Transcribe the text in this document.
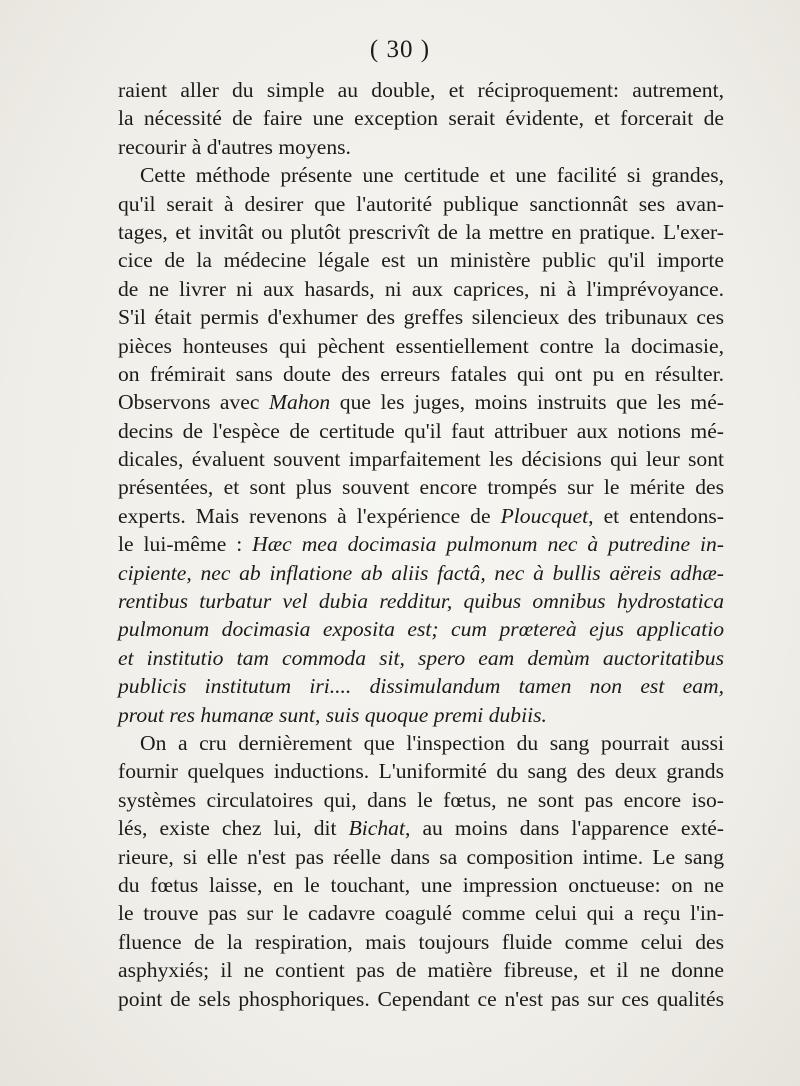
( 30 )
raient aller du simple au double, et réciproquement: autrement,
la nécessité de faire une exception serait évidente, et forcerait de
recourir à d'autres moyens.
Cette méthode présente une certitude et une facilité si grandes,
qu'il serait à desirer que l'autorité publique sanctionnât ses avan-
tages, et invitât ou plutôt prescrivît de la mettre en pratique. L'exer-
cice de la médecine légale est un ministère public qu'il importe
de ne livrer ni aux hasards, ni aux caprices, ni à l'imprévoyance.
S'il était permis d'exhumer des greffes silencieux des tribunaux ces
pièces honteuses qui pèchent essentiellement contre la docimasie,
on frémirait sans doute des erreurs fatales qui ont pu en résulter.
Observons avec Mahon que les juges, moins instruits que les mé-
decins de l'espèce de certitude qu'il faut attribuer aux notions mé-
dicales, évaluent souvent imparfaitement les décisions qui leur sont
présentées, et sont plus souvent encore trompés sur le mérite des
experts. Mais revenons à l'expérience de Ploucquet, et entendons-
le lui-même : Hæc mea docimasia pulmonum nec à putredine in-
cipiente, nec ab inflatione ab aliis factâ, nec à bullis aëreis adhæ-
rentibus turbatur vel dubia redditur, quibus omnibus hydrostatica
pulmonum docimasia exposita est; cum prœtereà ejus applicatio
et institutio tam commoda sit, spero eam demùm auctoritatibus
publicis institutum iri.... dissimulandum tamen non est eam,
prout res humanæ sunt, suis quoque premi dubiis.
On a cru dernièrement que l'inspection du sang pourrait aussi
fournir quelques inductions. L'uniformité du sang des deux grands
systèmes circulatoires qui, dans le fœtus, ne sont pas encore iso-
lés, existe chez lui, dit Bichat, au moins dans l'apparence exté-
rieure, si elle n'est pas réelle dans sa composition intime. Le sang
du fœtus laisse, en le touchant, une impression onctueuse: on ne
le trouve pas sur le cadavre coagulé comme celui qui a reçu l'in-
fluence de la respiration, mais toujours fluide comme celui des
asphyxiés; il ne contient pas de matière fibreuse, et il ne donne
point de sels phosphoriques. Cependant ce n'est pas sur ces qualités
